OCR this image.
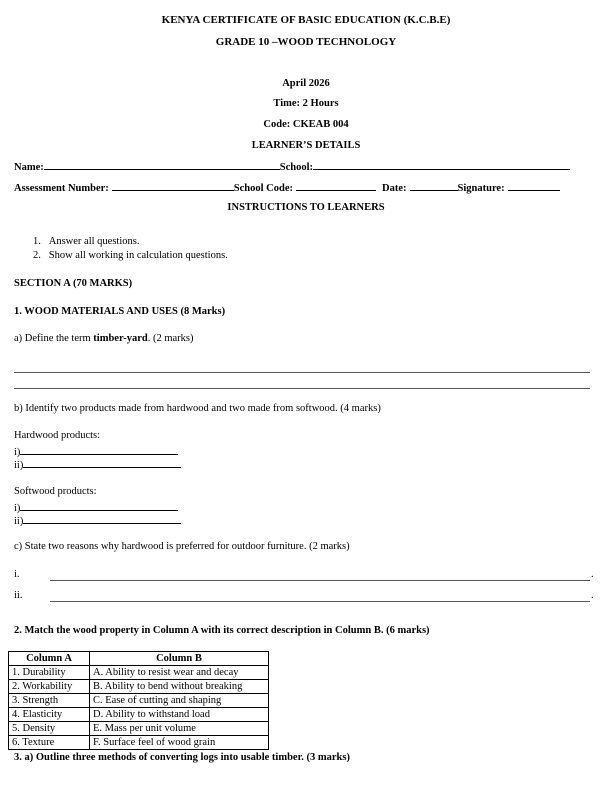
KENYA CERTIFICATE OF BASIC EDUCATION (K.C.B.E)
GRADE 10 –WOOD TECHNOLOGY
April 2026
Time: 2 Hours
Code: CKEAB 004
LEARNER’S DETAILS
Name:	School:
Assessment Number:	School Code:	Date:	Signature:
INSTRUCTIONS TO LEARNERS
1.   Answer all questions.
2.   Show all working in calculation questions.
SECTION A (70 MARKS)
1. WOOD MATERIALS AND USES (8 Marks)
a) Define the term timber-yard. (2 marks)
b) Identify two products made from hardwood and two made from softwood. (4 marks)
Hardwood products:
i)
ii)
Softwood products:
i)
ii)
c) State two reasons why hardwood is preferred for outdoor furniture. (2 marks)
i.	.
ii.	.
2. Match the wood property in Column A with its correct description in Column B. (6 marks)
Column A	Column B
1. Durability	A. Ability to resist wear and decay
2. Workability	B. Ability to bend without breaking
3. Strength	C. Ease of cutting and shaping
4. Elasticity	D. Ability to withstand load
5. Density	E. Mass per unit volume
6. Texture	F. Surface feel of wood grain
3. a) Outline three methods of converting logs into usable timber. (3 marks)
